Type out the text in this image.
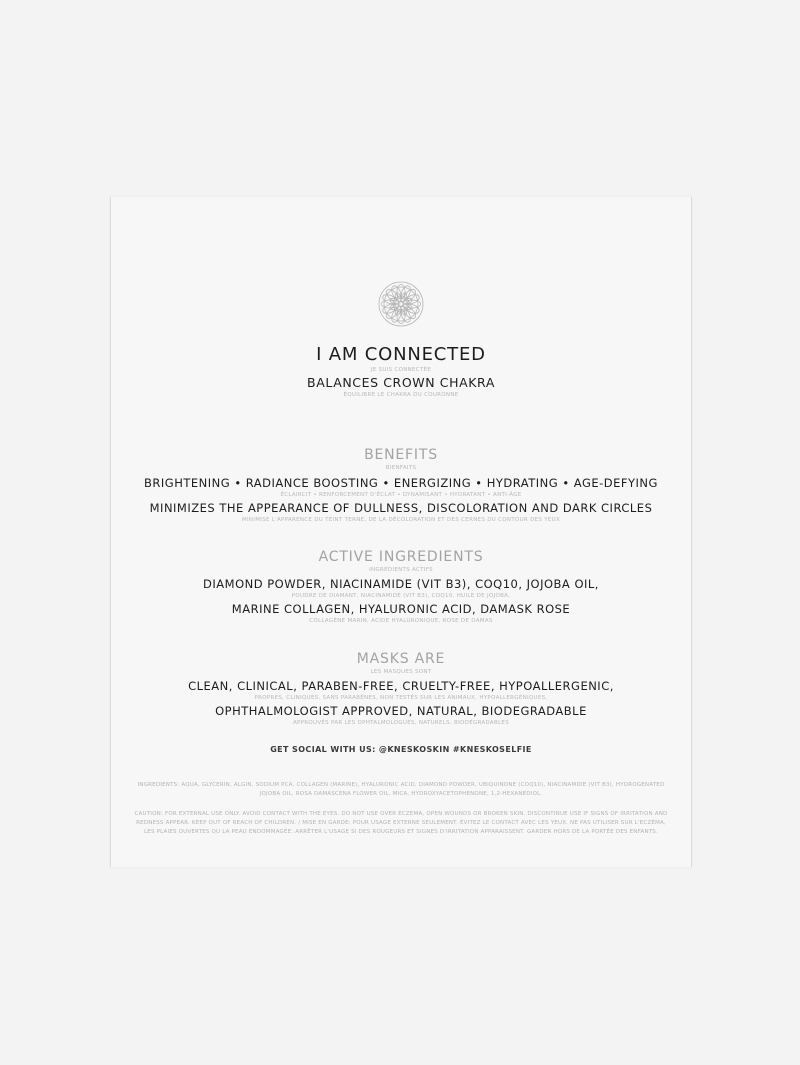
I AM CONNECTED
JE SUIS CONNECTÉE
BALANCES CROWN CHAKRA
ÉQUILIBRE LE CHAKRA DU COURONNE
BENEFITS
BIENFAITS
BRIGHTENING • RADIANCE BOOSTING • ENERGIZING • HYDRATING • AGE-DEFYING
ÉCLAIRCIT • RENFORCEMENT D'ÉCLAT • DYNAMISANT • HYDRATANT • ANTI-ÂGE
MINIMIZES THE APPEARANCE OF DULLNESS, DISCOLORATION AND DARK CIRCLES
MINIMISE L'APPARENCE DU TEINT TERNE, DE LA DÉCOLORATION ET DES CERNES DU CONTOUR DES YEUX
ACTIVE INGREDIENTS
INGRÉDIENTS ACTIFS
DIAMOND POWDER, NIACINAMIDE (VIT B3), COQ10, JOJOBA OIL,
POUDRE DE DIAMANT, NIACINAMIDE (VIT B3), COQ10, HUILE DE JOJOBA,
MARINE COLLAGEN, HYALURONIC ACID, DAMASK ROSE
COLLAGÈNE MARIN, ACIDE HYALURONIQUE, ROSE DE DAMAS
MASKS ARE
LES MASQUES SONT
CLEAN, CLINICAL, PARABEN-FREE, CRUELTY-FREE, HYPOALLERGENIC,
PROPRES, CLINIQUES, SANS PARABÈNES, NON TESTÉS SUR LES ANIMAUX, HYPOALLERGÉNIQUES,
OPHTHALMOLOGIST APPROVED, NATURAL, BIODEGRADABLE
APPROUVÉS PAR LES OPHTALMOLOGUES, NATURELS, BIODÉGRADABLES
GET SOCIAL WITH US: @KNESKOSKIN #KNESKOSELFIE
INGREDIENTS: AQUA, GLYCERIN, ALGIN, SODIUM PCA, COLLAGEN (MARINE), HYALURONIC ACID, DIAMOND POWDER, UBIQUINONE (COQ10), NIACINAMIDE (VIT B3), HYDROGENATED JOJOBA OIL, ROSA DAMASCENA FLOWER OIL, MICA, HYDROXYACETOPHENONE, 1,2-HEXANEDIOL.
CAUTION: FOR EXTERNAL USE ONLY. AVOID CONTACT WITH THE EYES. DO NOT USE OVER ECZEMA, OPEN WOUNDS OR BROKEN SKIN. DISCONTINUE USE IF SIGNS OF IRRITATION AND REDNESS APPEAR. KEEP OUT OF REACH OF CHILDREN. / MISE EN GARDE: POUR USAGE EXTERNE SEULEMENT. ÉVITEZ LE CONTACT AVEC LES YEUX. NE PAS UTILISER SUR L'ECZÉMA, LES PLAIES OUVERTES OU LA PEAU ENDOMMAGÉE. ARRÊTER L'USAGE SI DES ROUGEURS ET SIGNES D'IRRITATION APPARAISSENT. GARDER HORS DE LA PORTÉE DES ENFANTS.
